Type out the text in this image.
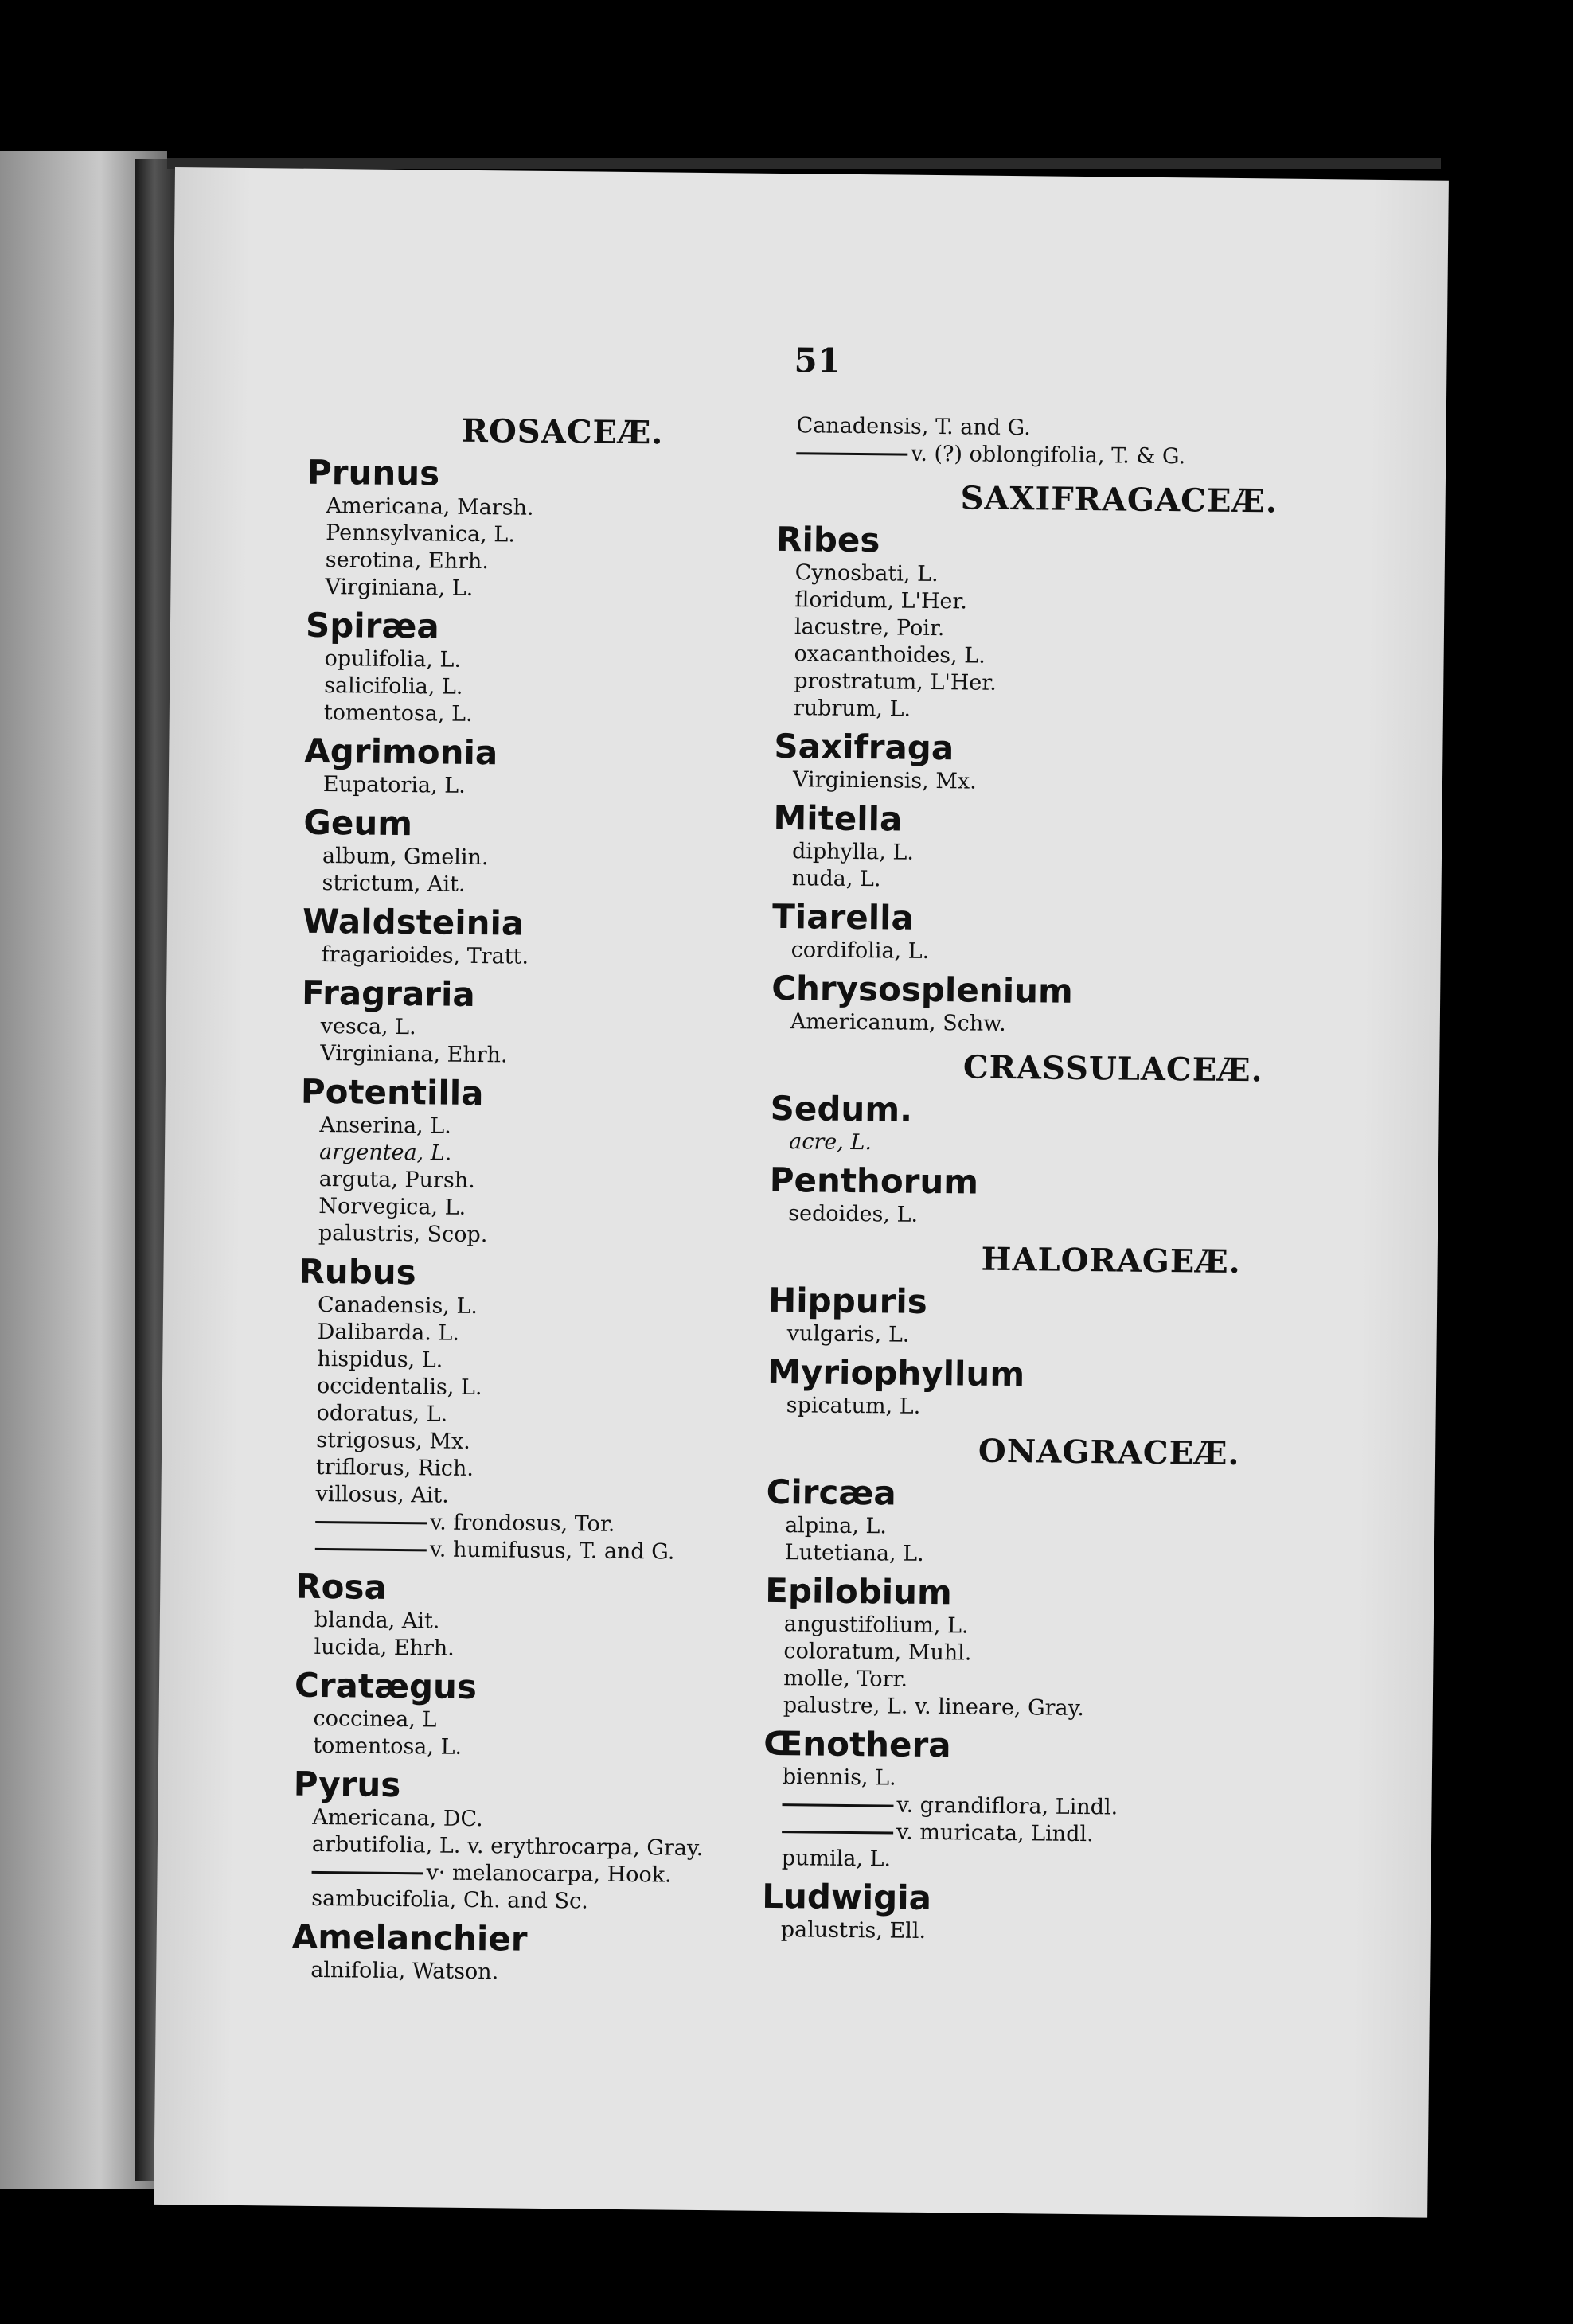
51
ROSACEÆ.
Prunus
Americana, Marsh.
Pennsylvanica, L.
serotina, Ehrh.
Virginiana, L.
Spiræa
opulifolia, L.
salicifolia, L.
tomentosa, L.
Agrimonia
Eupatoria, L.
Geum
album, Gmelin.
strictum, Ait.
Waldsteinia
fragarioides, Tratt.
Fragraria
vesca, L.
Virginiana, Ehrh.
Potentilla
Anserina, L.
argentea, L.
arguta, Pursh.
Norvegica, L.
palustris, Scop.
Rubus
Canadensis, L.
Dalibarda. L.
hispidus, L.
occidentalis, L.
odoratus, L.
strigosus, Mx.
triflorus, Rich.
villosus, Ait.
v. frondosus, Tor.
v. humifusus, T. and G.
Rosa
blanda, Ait.
lucida, Ehrh.
Cratægus
coccinea, L
tomentosa, L.
Pyrus
Americana, DC.
arbutifolia, L. v. erythrocarpa, Gray.
v· melanocarpa, Hook.
sambucifolia, Ch. and Sc.
Amelanchier
alnifolia, Watson.
Canadensis, T. and G.
v. (?) oblongifolia, T. & G.
SAXIFRAGACEÆ.
Ribes
Cynosbati, L.
floridum, L'Her.
lacustre, Poir.
oxacanthoides, L.
prostratum, L'Her.
rubrum, L.
Saxifraga
Virginiensis, Mx.
Mitella
diphylla, L.
nuda, L.
Tiarella
cordifolia, L.
Chrysosplenium
Americanum, Schw.
CRASSULACEÆ.
Sedum.
acre, L.
Penthorum
sedoides, L.
HALORAGEÆ.
Hippuris
vulgaris, L.
Myriophyllum
spicatum, L.
ONAGRACEÆ.
Circæa
alpina, L.
Lutetiana, L.
Epilobium
angustifolium, L.
coloratum, Muhl.
molle, Torr.
palustre, L. v. lineare, Gray.
Œnothera
biennis, L.
v. grandiflora, Lindl.
v. muricata, Lindl.
pumila, L.
Ludwigia
palustris, Ell.
